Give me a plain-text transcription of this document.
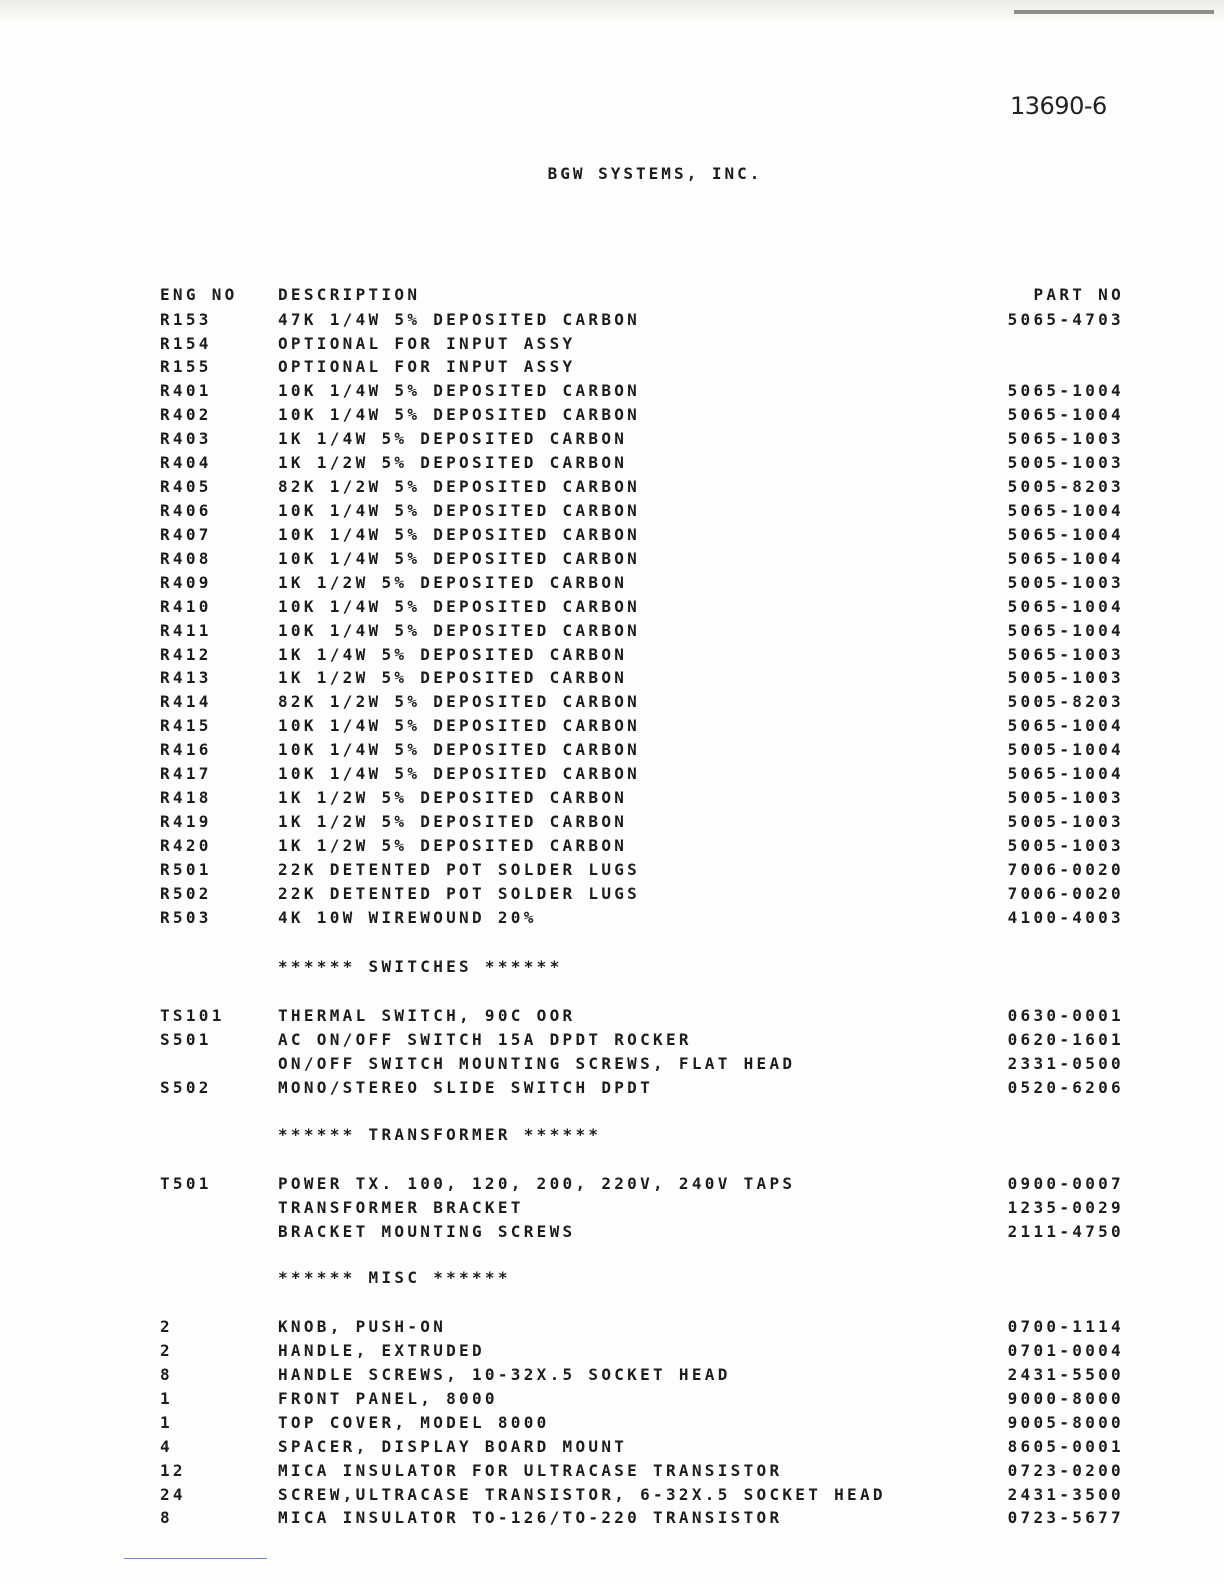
13690-6
BGW SYSTEMS, INC.
ENG NO	DESCRIPTION	PART NO
R153	47K 1/4W 5% DEPOSITED CARBON	5065-4703
R154	OPTIONAL FOR INPUT ASSY
R155	OPTIONAL FOR INPUT ASSY
R401	10K 1/4W 5% DEPOSITED CARBON	5065-1004
R402	10K 1/4W 5% DEPOSITED CARBON	5065-1004
R403	1K 1/4W 5% DEPOSITED CARBON	5065-1003
R404	1K 1/2W 5% DEPOSITED CARBON	5005-1003
R405	82K 1/2W 5% DEPOSITED CARBON	5005-8203
R406	10K 1/4W 5% DEPOSITED CARBON	5065-1004
R407	10K 1/4W 5% DEPOSITED CARBON	5065-1004
R408	10K 1/4W 5% DEPOSITED CARBON	5065-1004
R409	1K 1/2W 5% DEPOSITED CARBON	5005-1003
R410	10K 1/4W 5% DEPOSITED CARBON	5065-1004
R411	10K 1/4W 5% DEPOSITED CARBON	5065-1004
R412	1K 1/4W 5% DEPOSITED CARBON	5065-1003
R413	1K 1/2W 5% DEPOSITED CARBON	5005-1003
R414	82K 1/2W 5% DEPOSITED CARBON	5005-8203
R415	10K 1/4W 5% DEPOSITED CARBON	5065-1004
R416	10K 1/4W 5% DEPOSITED CARBON	5005-1004
R417	10K 1/4W 5% DEPOSITED CARBON	5065-1004
R418	1K 1/2W 5% DEPOSITED CARBON	5005-1003
R419	1K 1/2W 5% DEPOSITED CARBON	5005-1003
R420	1K 1/2W 5% DEPOSITED CARBON	5005-1003
R501	22K DETENTED POT SOLDER LUGS	7006-0020
R502	22K DETENTED POT SOLDER LUGS	7006-0020
R503	4K 10W WIREWOUND 20%	4100-4003
****** SWITCHES ******
TS101	THERMAL SWITCH, 90C OOR	0630-0001
S501	AC ON/OFF SWITCH 15A DPDT ROCKER	0620-1601
ON/OFF SWITCH MOUNTING SCREWS, FLAT HEAD	2331-0500
S502	MONO/STEREO SLIDE SWITCH DPDT	0520-6206
****** TRANSFORMER ******
T501	POWER TX. 100, 120, 200, 220V, 240V TAPS	0900-0007
TRANSFORMER BRACKET	1235-0029
BRACKET MOUNTING SCREWS	2111-4750
****** MISC ******
2	KNOB, PUSH-ON	0700-1114
2	HANDLE, EXTRUDED	0701-0004
8	HANDLE SCREWS, 10-32X.5 SOCKET HEAD	2431-5500
1	FRONT PANEL, 8000	9000-8000
1	TOP COVER, MODEL 8000	9005-8000
4	SPACER, DISPLAY BOARD MOUNT	8605-0001
12	MICA INSULATOR FOR ULTRACASE TRANSISTOR	0723-0200
24	SCREW,ULTRACASE TRANSISTOR, 6-32X.5 SOCKET HEAD	2431-3500
8	MICA INSULATOR TO-126/TO-220 TRANSISTOR	0723-5677
